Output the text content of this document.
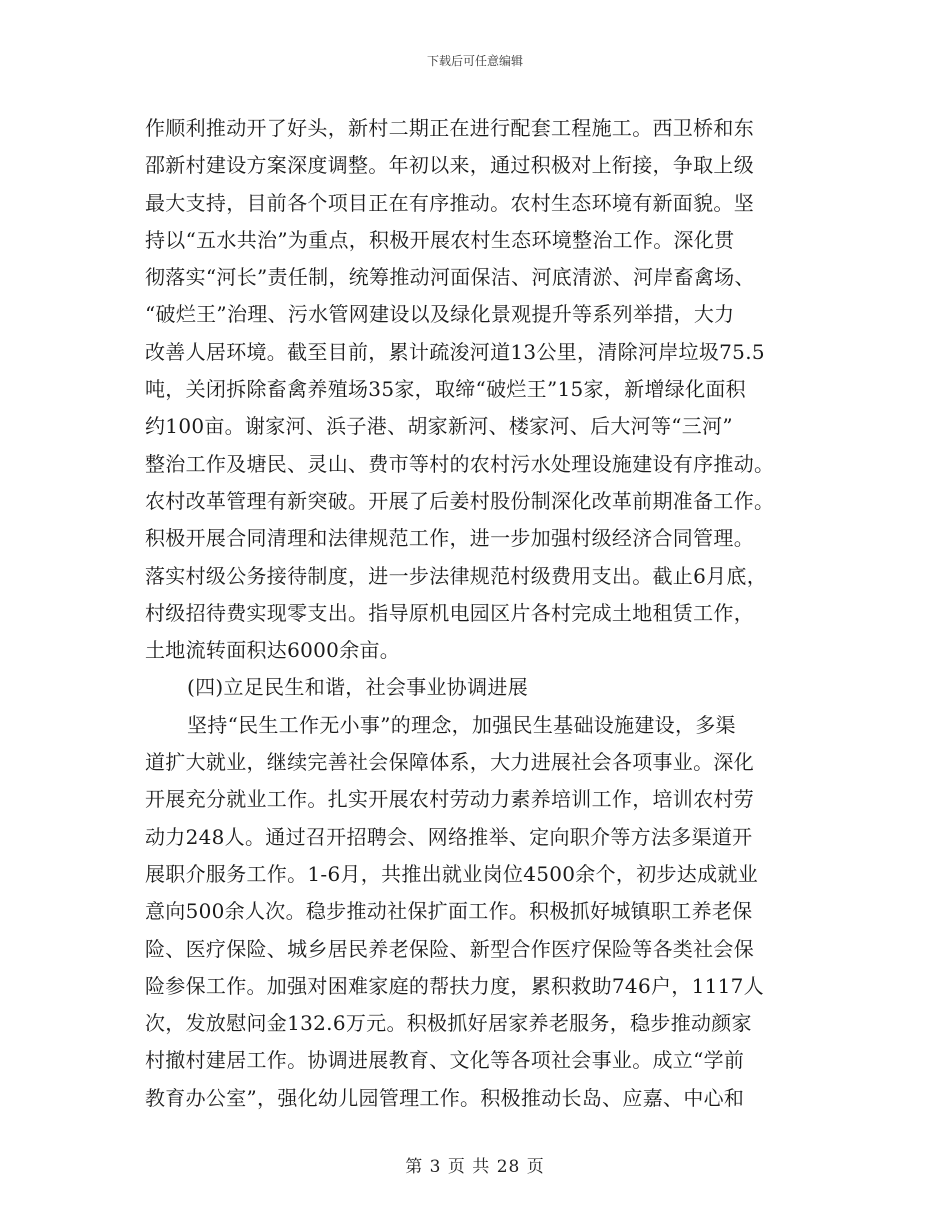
下载后可任意编辑
作顺利推动开了好头，新村二期正在进行配套工程施工。西卫桥和东
邵新村建设方案深度调整。年初以来，通过积极对上衔接，争取上级
最大支持，目前各个项目正在有序推动。农村生态环境有新面貌。坚
持以“五水共治”为重点，积极开展农村生态环境整治工作。深化贯
彻落实“河长”责任制，统筹推动河面保洁、河底清淤、河岸畜禽场、
“破烂王”治理、污水管网建设以及绿化景观提升等系列举措，大力
改善人居环境。截至目前，累计疏浚河道13公里，清除河岸垃圾75.5
吨，关闭拆除畜禽养殖场35家，取缔“破烂王”15家，新增绿化面积
约100亩。谢家河、浜子港、胡家新河、楼家河、后大河等“三河”
整治工作及塘民、灵山、费市等村的农村污水处理设施建设有序推动。
农村改革管理有新突破。开展了后姜村股份制深化改革前期准备工作。
积极开展合同清理和法律规范工作，进一步加强村级经济合同管理。
落实村级公务接待制度，进一步法律规范村级费用支出。截止6月底，
村级招待费实现零支出。指导原机电园区片各村完成土地租赁工作，
土地流转面积达6000余亩。
(四)立足民生和谐，社会事业协调进展
坚持“民生工作无小事”的理念，加强民生基础设施建设，多渠
道扩大就业，继续完善社会保障体系，大力进展社会各项事业。深化
开展充分就业工作。扎实开展农村劳动力素养培训工作，培训农村劳
动力248人。通过召开招聘会、网络推举、定向职介等方法多渠道开
展职介服务工作。1-6月，共推出就业岗位4500余个，初步达成就业
意向500余人次。稳步推动社保扩面工作。积极抓好城镇职工养老保
险、医疗保险、城乡居民养老保险、新型合作医疗保险等各类社会保
险参保工作。加强对困难家庭的帮扶力度，累积救助746户，1117人
次，发放慰问金132.6万元。积极抓好居家养老服务，稳步推动颜家
村撤村建居工作。协调进展教育、文化等各项社会事业。成立“学前
教育办公室”，强化幼儿园管理工作。积极推动长岛、应嘉、中心和
第 3 页 共 28 页
